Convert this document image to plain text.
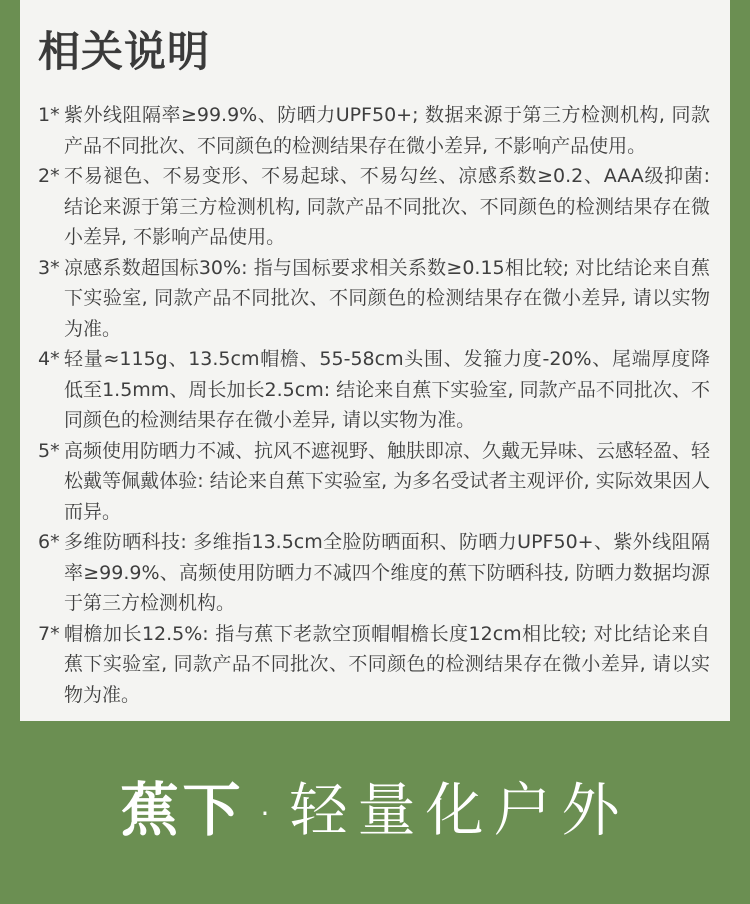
相关说明
1* 紫外线阻隔率≥99.9%、防晒力UPF50+; 数据来源于第三方检测机构, 同款产品不同批次、不同颜色的检测结果存在微小差异, 不影响产品使用。
2* 不易褪色、不易变形、不易起球、不易勾丝、凉感系数≥0.2、AAA级抑菌: 结论来源于第三方检测机构, 同款产品不同批次、不同颜色的检测结果存在微小差异, 不影响产品使用。
3* 凉感系数超国标30%: 指与国标要求相关系数≥0.15相比较; 对比结论来自蕉下实验室, 同款产品不同批次、不同颜色的检测结果存在微小差异, 请以实物为准。
4* 轻量≈115g、13.5cm帽檐、55-58cm头围、发箍力度-20%、尾端厚度降低至1.5mm、周长加长2.5cm: 结论来自蕉下实验室, 同款产品不同批次、不同颜色的检测结果存在微小差异, 请以实物为准。
5* 高频使用防晒力不减、抗风不遮视野、触肤即凉、久戴无异味、云感轻盈、轻松戴等佩戴体验: 结论来自蕉下实验室, 为多名受试者主观评价, 实际效果因人而异。
6* 多维防晒科技: 多维指13.5cm全脸防晒面积、防晒力UPF50+、紫外线阻隔率≥99.9%、高频使用防晒力不减四个维度的蕉下防晒科技, 防晒力数据均源于第三方检测机构。
7* 帽檐加长12.5%: 指与蕉下老款空顶帽帽檐长度12cm相比较; 对比结论来自蕉下实验室, 同款产品不同批次、不同颜色的检测结果存在微小差异, 请以实物为准。
蕉下 · 轻量化户外
